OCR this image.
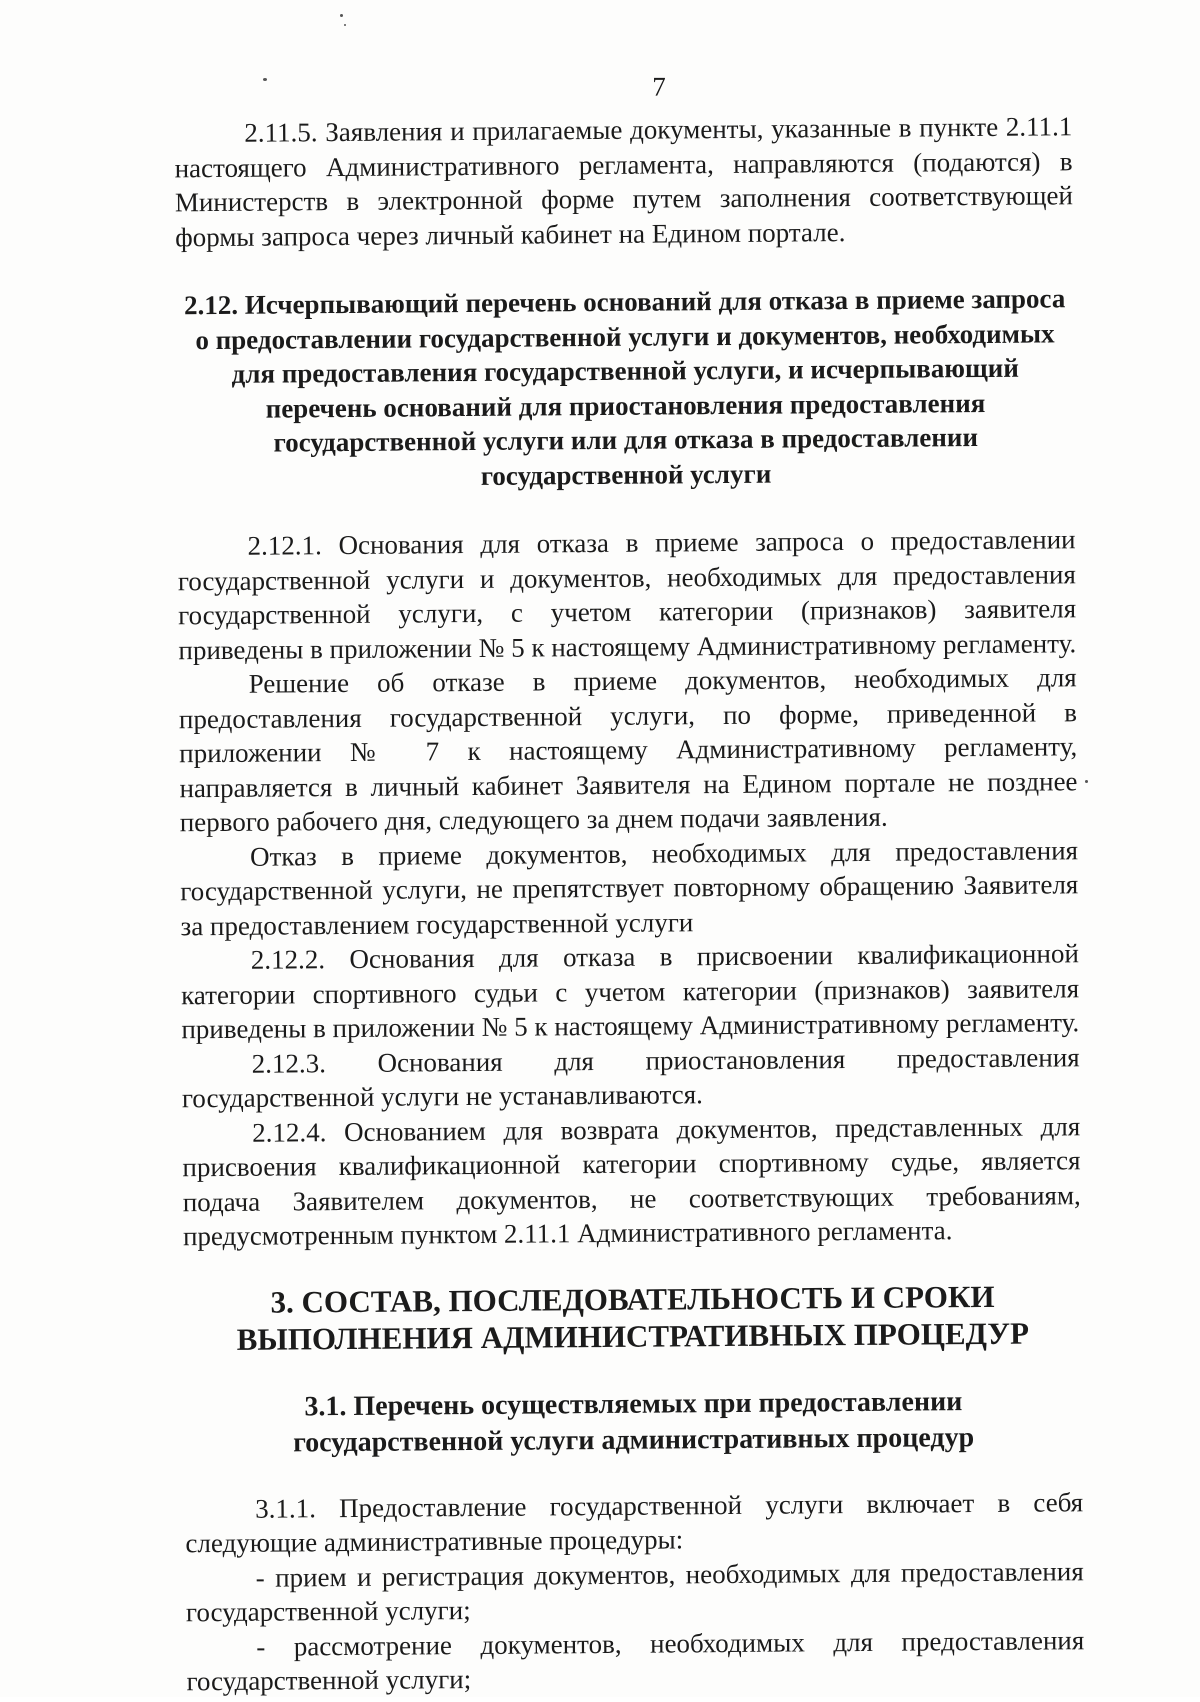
7

2.11.5. Заявления и прилагаемые документы, указанные в пункте 2.11.1 настоящего Административного регламента, направляются (подаются) в Министерств в электронной форме путем заполнения соответствующей формы запроса через личный кабинет на Едином портале.

2.12. Исчерпывающий перечень оснований для отказа в приеме запроса о предоставлении государственной услуги и документов, необходимых для предоставления государственной услуги, и исчерпывающий перечень оснований для приостановления предоставления государственной услуги или для отказа в предоставлении государственной услуги

2.12.1. Основания для отказа в приеме запроса о предоставлении государственной услуги и документов, необходимых для предоставления государственной услуги, с учетом категории (признаков) заявителя приведены в приложении № 5 к настоящему Административному регламенту.

Решение об отказе в приеме документов, необходимых для предоставления государственной услуги, по форме, приведенной в приложении № 7 к настоящему Административному регламенту, направляется в личный кабинет Заявителя на Едином портале не позднее первого рабочего дня, следующего за днем подачи заявления.

Отказ в приеме документов, необходимых для предоставления государственной услуги, не препятствует повторному обращению Заявителя за предоставлением государственной услуги

2.12.2. Основания для отказа в присвоении квалификационной категории спортивного судьи с учетом категории (признаков) заявителя приведены в приложении № 5 к настоящему Административному регламенту.

2.12.3. Основания для приостановления предоставления государственной услуги не устанавливаются.

2.12.4. Основанием для возврата документов, представленных для присвоения квалификационной категории спортивному судье, является подача Заявителем документов, не соответствующих требованиям, предусмотренным пунктом 2.11.1 Административного регламента.

3. СОСТАВ, ПОСЛЕДОВАТЕЛЬНОСТЬ И СРОКИ ВЫПОЛНЕНИЯ АДМИНИСТРАТИВНЫХ ПРОЦЕДУР

3.1. Перечень осуществляемых при предоставлении государственной услуги административных процедур

3.1.1. Предоставление государственной услуги включает в себя следующие административные процедуры:

- прием и регистрация документов, необходимых для предоставления государственной услуги;

- рассмотрение документов, необходимых для предоставления государственной услуги;
